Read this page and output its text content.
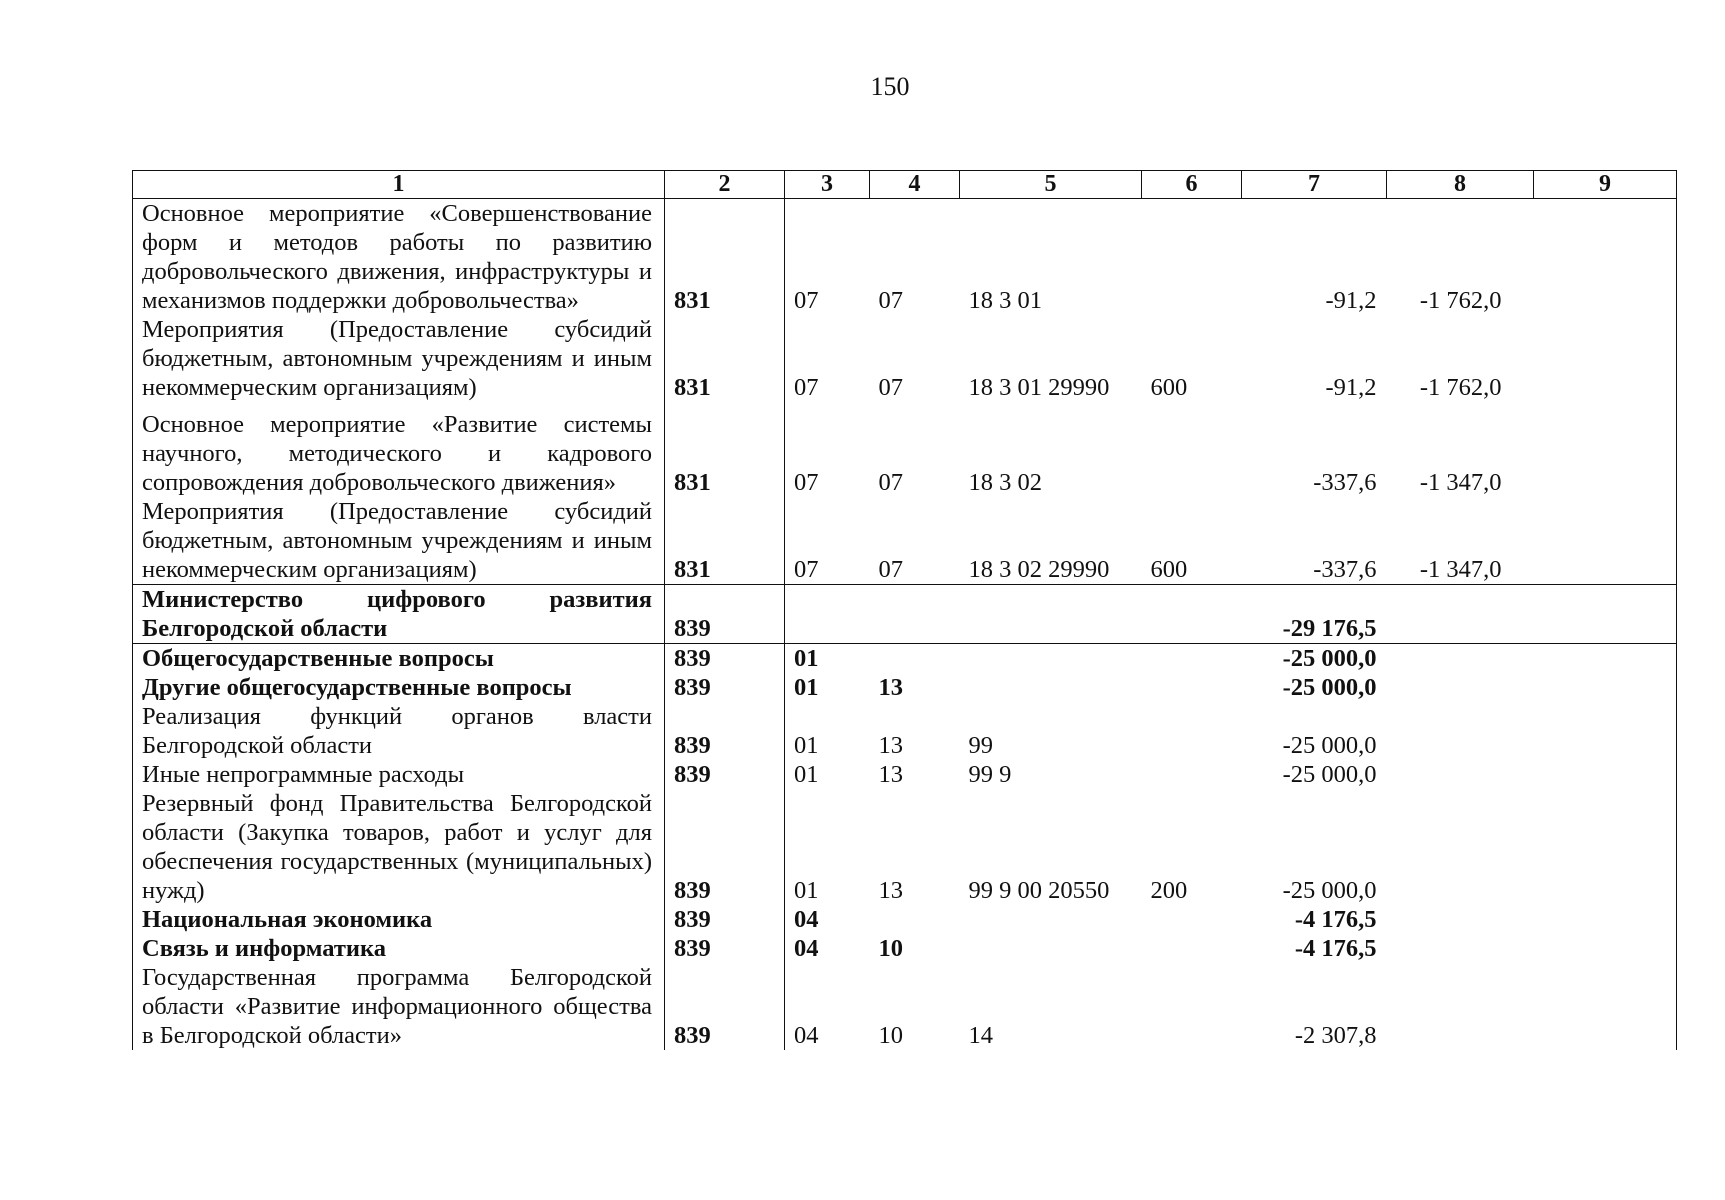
150
1	2	3	4	5	6	7	8	9
Основное мероприятие «Совершенствование форм и методов работы по развитию добровольческого движения, инфраструктуры и механизмов поддержки добровольчества»	831	07	07	18 3 01		-91,2	-1 762,0	
Мероприятия (Предоставление субсидий бюджетным, автономным учреждениям и иным некоммерческим организациям)	831	07	07	18 3 01 29990	600	-91,2	-1 762,0	
Основное мероприятие «Развитие системы научного, методического и кадрового сопровождения добровольческого движения»	831	07	07	18 3 02		-337,6	-1 347,0	
Мероприятия (Предоставление субсидий бюджетным, автономным учреждениям и иным некоммерческим организациям)	831	07	07	18 3 02 29990	600	-337,6	-1 347,0	
Министерство цифрового развития Белгородской области	839					-29 176,5		
Общегосударственные вопросы	839	01				-25 000,0		
Другие общегосударственные вопросы	839	01	13			-25 000,0		
Реализация функций органов власти Белгородской области	839	01	13	99		-25 000,0		
Иные непрограммные расходы	839	01	13	99 9		-25 000,0		
Резервный фонд Правительства Белгородской области (Закупка товаров, работ и услуг для обеспечения государственных (муниципальных) нужд)	839	01	13	99 9 00 20550	200	-25 000,0		
Национальная экономика	839	04				-4 176,5		
Связь и информатика	839	04	10			-4 176,5		
Государственная программа Белгородской области «Развитие информационного общества в Белгородской области»	839	04	10	14		-2 307,8		
